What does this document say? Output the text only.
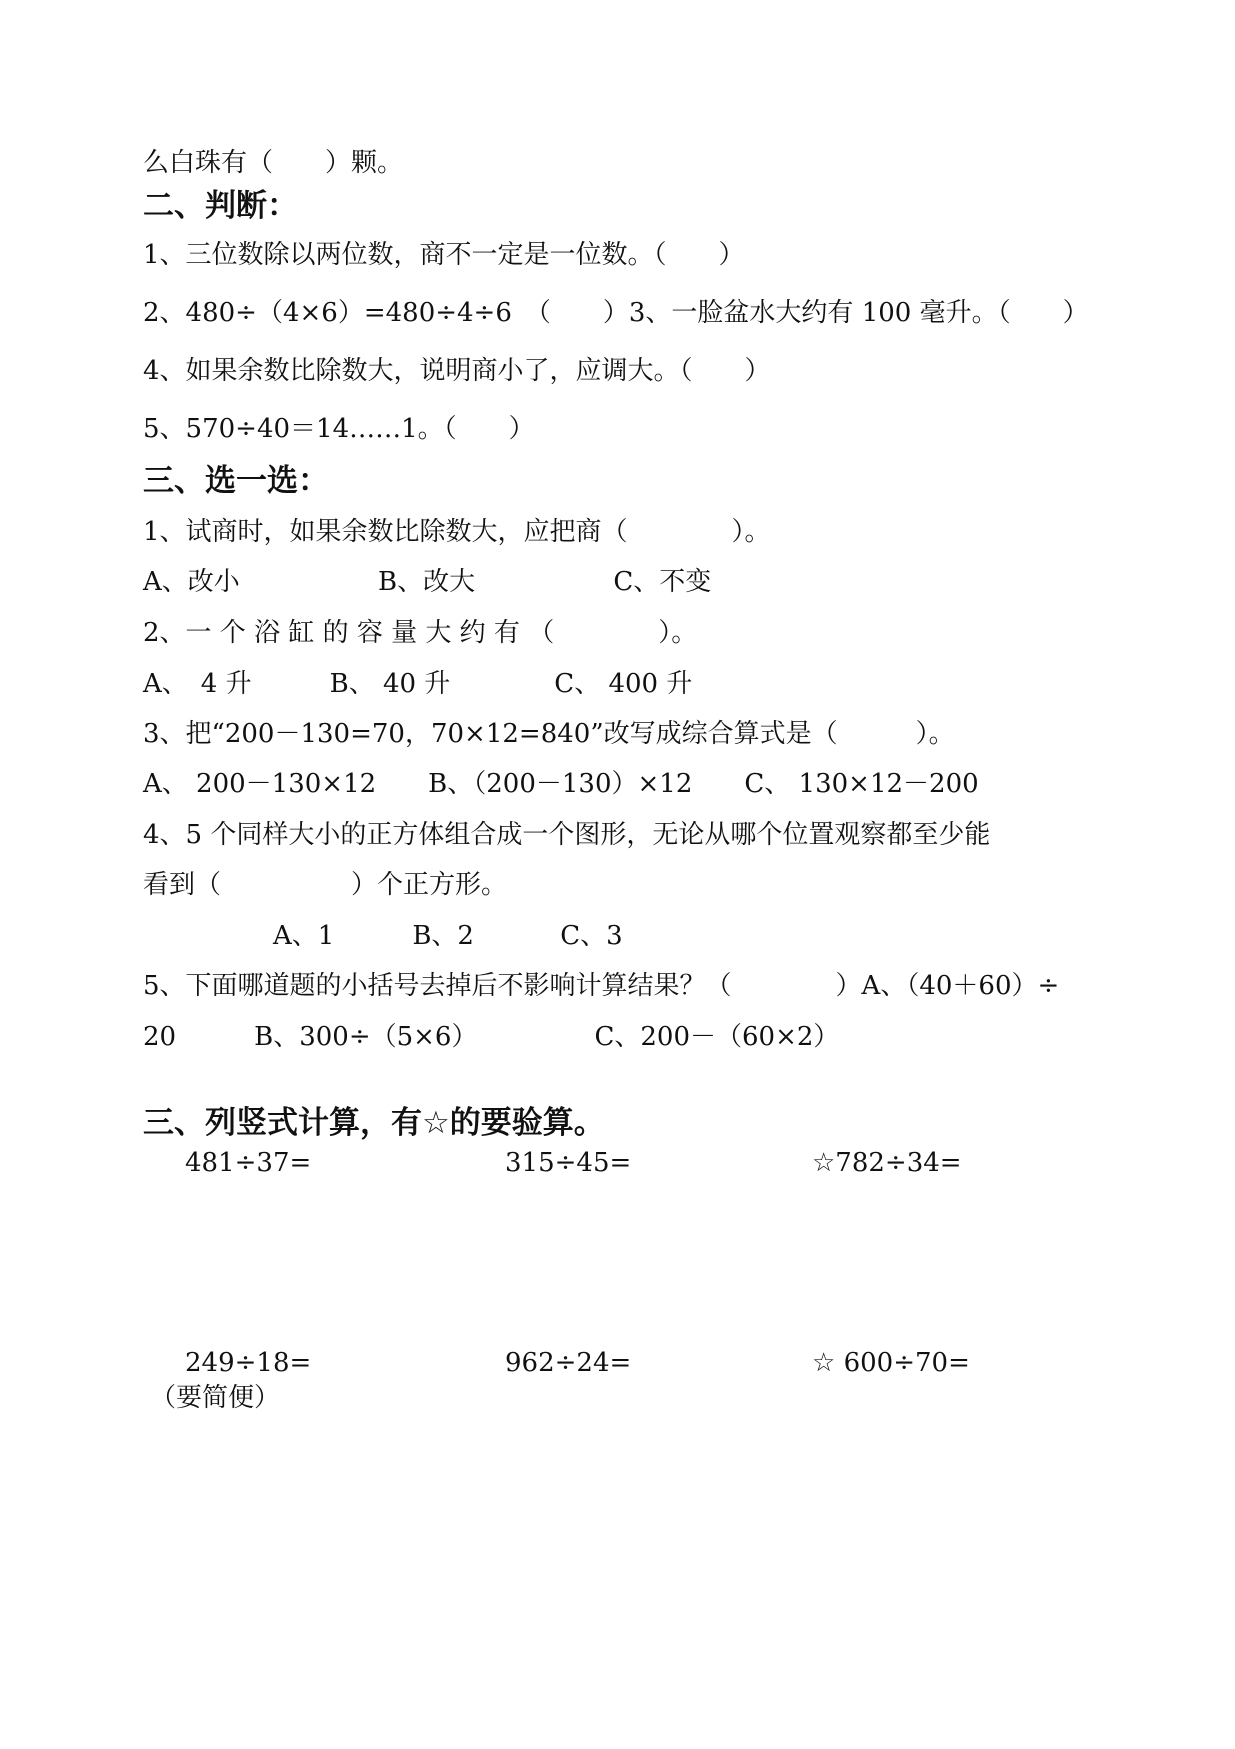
么白珠有（　　）颗。
二、判断：
1、三位数除以两位数，商不一定是一位数。（　　）
2、480÷（4×6）=480÷4÷6　（　　）3、一脸盆水大约有 100 毫升。（　　）
4、如果余数比除数大，说明商小了，应调大。（　　）
5、570÷40＝14……1。（　　）
三、选一选：
1、试商时，如果余数比除数大，应把商（　　　　）。
A、改小　　　　　 B、改大　　　　　 C、不变
2、一 个 浴 缸 的 容 量 大 约 有 （　　　　）。
A、　4 升　　　B、 40 升　　　　C、 400 升
3、把“200－130=70，70×12=840”改写成综合算式是（　　　）。
A、 200－130×12　　B、（200－130）×12　　C、 130×12－200
4、5 个同样大小的正方体组合成一个图形，无论从哪个位置观察都至少能
看到（　　　　　）个正方形。
　　　　　A、1　　　B、2　　　 C、3
5、下面哪道题的小括号去掉后不影响计算结果？（　　　　）A、（40＋60）÷
20　　　B、300÷（5×6）　　　　　C、200－（60×2）
三、列竖式计算，有☆的要验算。
481÷37=	315÷45=	☆782÷34=
249÷18=	962÷24=	☆ 600÷70=
（要简便）
